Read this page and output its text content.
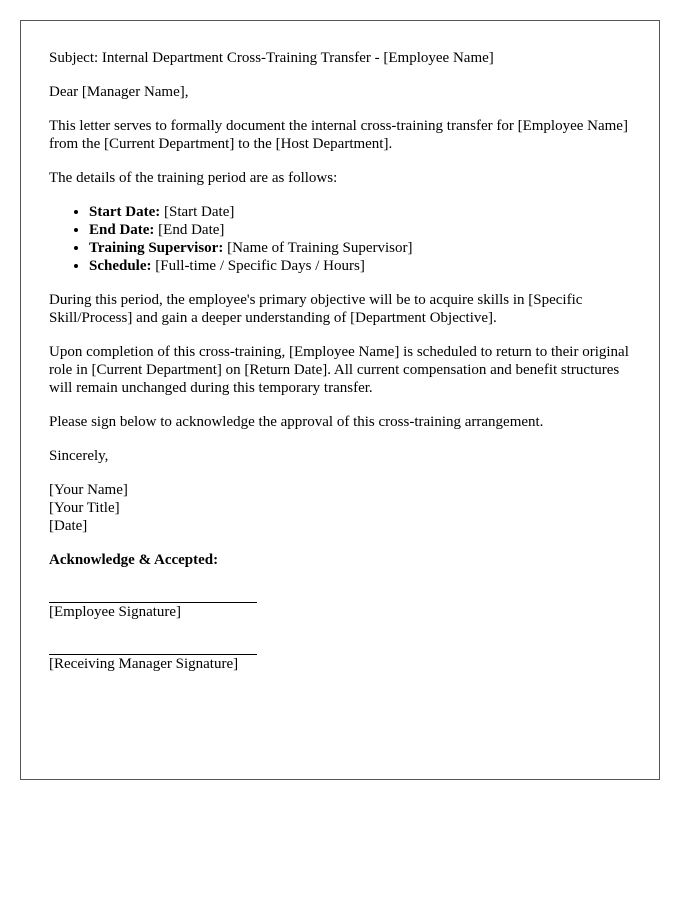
Subject: Internal Department Cross-Training Transfer - [Employee Name]

Dear [Manager Name],

This letter serves to formally document the internal cross-training transfer for [Employee Name] from the [Current Department] to the [Host Department].

The details of the training period are as follows:

• Start Date: [Start Date]
• End Date: [End Date]
• Training Supervisor: [Name of Training Supervisor]
• Schedule: [Full-time / Specific Days / Hours]

During this period, the employee's primary objective will be to acquire skills in [Specific Skill/Process] and gain a deeper understanding of [Department Objective].

Upon completion of this cross-training, [Employee Name] is scheduled to return to their original role in [Current Department] on [Return Date]. All current compensation and benefit structures will remain unchanged during this temporary transfer.

Please sign below to acknowledge the approval of this cross-training arrangement.

Sincerely,

[Your Name]

[Your Title]

[Date]

Acknowledge & Accepted:

[Employee Signature]

[Receiving Manager Signature]
